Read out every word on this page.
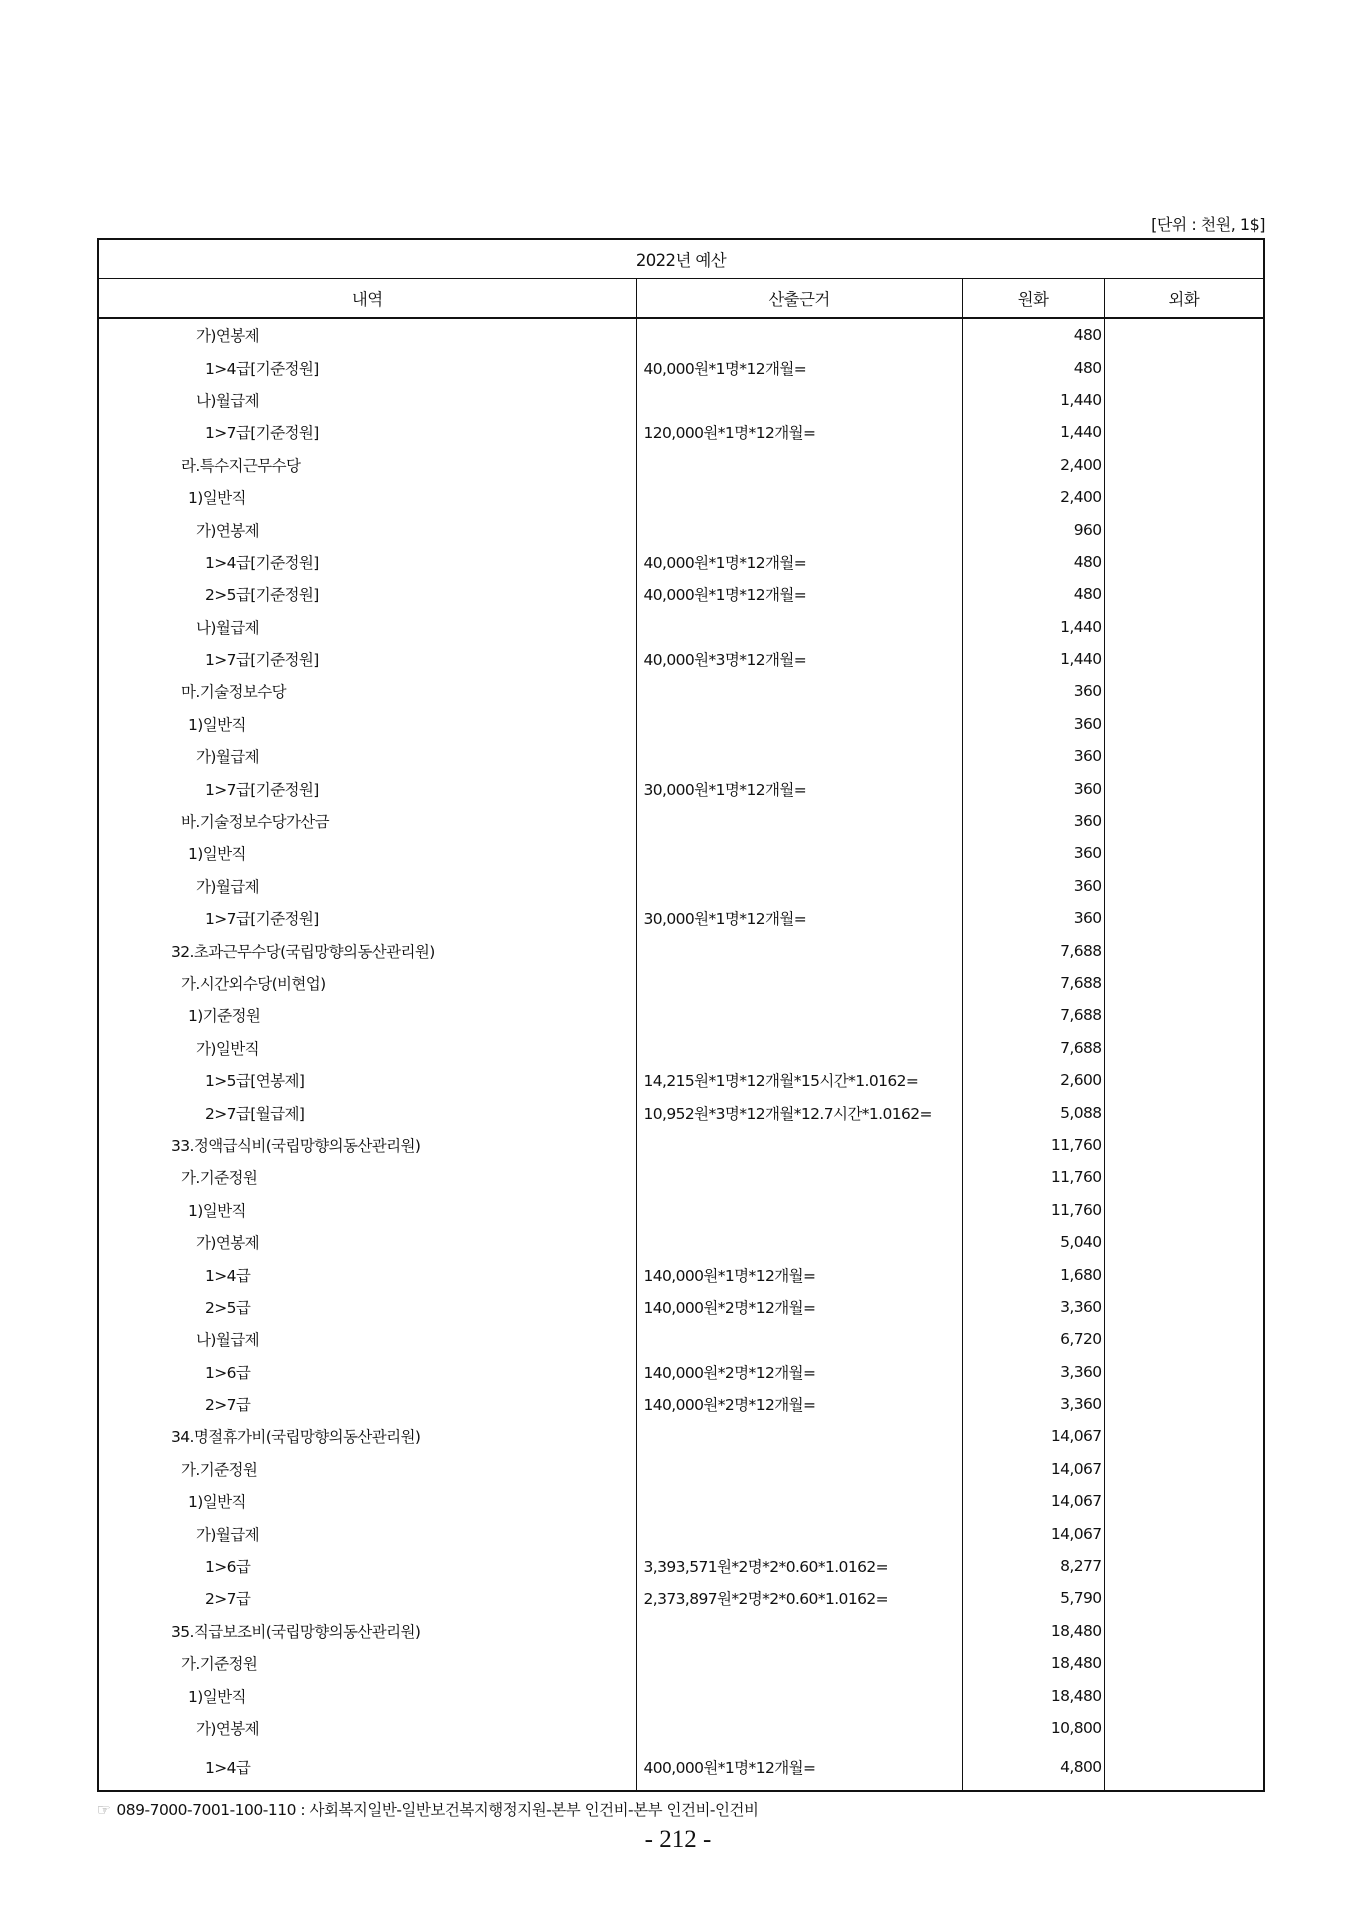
[단위 : 천원, 1$]
2022년 예산			
내역	산출근거	원화	외화
가)연봉제		480	
1>4급[기준정원]	40,000원*1명*12개월=	480	
나)월급제		1,440	
1>7급[기준정원]	120,000원*1명*12개월=	1,440	
라.특수지근무수당		2,400	
1)일반직		2,400	
가)연봉제		960	
1>4급[기준정원]	40,000원*1명*12개월=	480	
2>5급[기준정원]	40,000원*1명*12개월=	480	
나)월급제		1,440	
1>7급[기준정원]	40,000원*3명*12개월=	1,440	
마.기술정보수당		360	
1)일반직		360	
가)월급제		360	
1>7급[기준정원]	30,000원*1명*12개월=	360	
바.기술정보수당가산금		360	
1)일반직		360	
가)월급제		360	
1>7급[기준정원]	30,000원*1명*12개월=	360	
32.초과근무수당(국립망향의동산관리원)		7,688	
가.시간외수당(비현업)		7,688	
1)기준정원		7,688	
가)일반직		7,688	
1>5급[연봉제]	14,215원*1명*12개월*15시간*1.0162=	2,600	
2>7급[월급제]	10,952원*3명*12개월*12.7시간*1.0162=	5,088	
33.정액급식비(국립망향의동산관리원)		11,760	
가.기준정원		11,760	
1)일반직		11,760	
가)연봉제		5,040	
1>4급	140,000원*1명*12개월=	1,680	
2>5급	140,000원*2명*12개월=	3,360	
나)월급제		6,720	
1>6급	140,000원*2명*12개월=	3,360	
2>7급	140,000원*2명*12개월=	3,360	
34.명절휴가비(국립망향의동산관리원)		14,067	
가.기준정원		14,067	
1)일반직		14,067	
가)월급제		14,067	
1>6급	3,393,571원*2명*2*0.60*1.0162=	8,277	
2>7급	2,373,897원*2명*2*0.60*1.0162=	5,790	
35.직급보조비(국립망향의동산관리원)		18,480	
가.기준정원		18,480	
1)일반직		18,480	
가)연봉제		10,800	
1>4급	400,000원*1명*12개월=	4,800	
☞ 089-7000-7001-100-110 : 사회복지일반-일반보건복지행정지원-본부 인건비-본부 인건비-인건비
- 212 -
